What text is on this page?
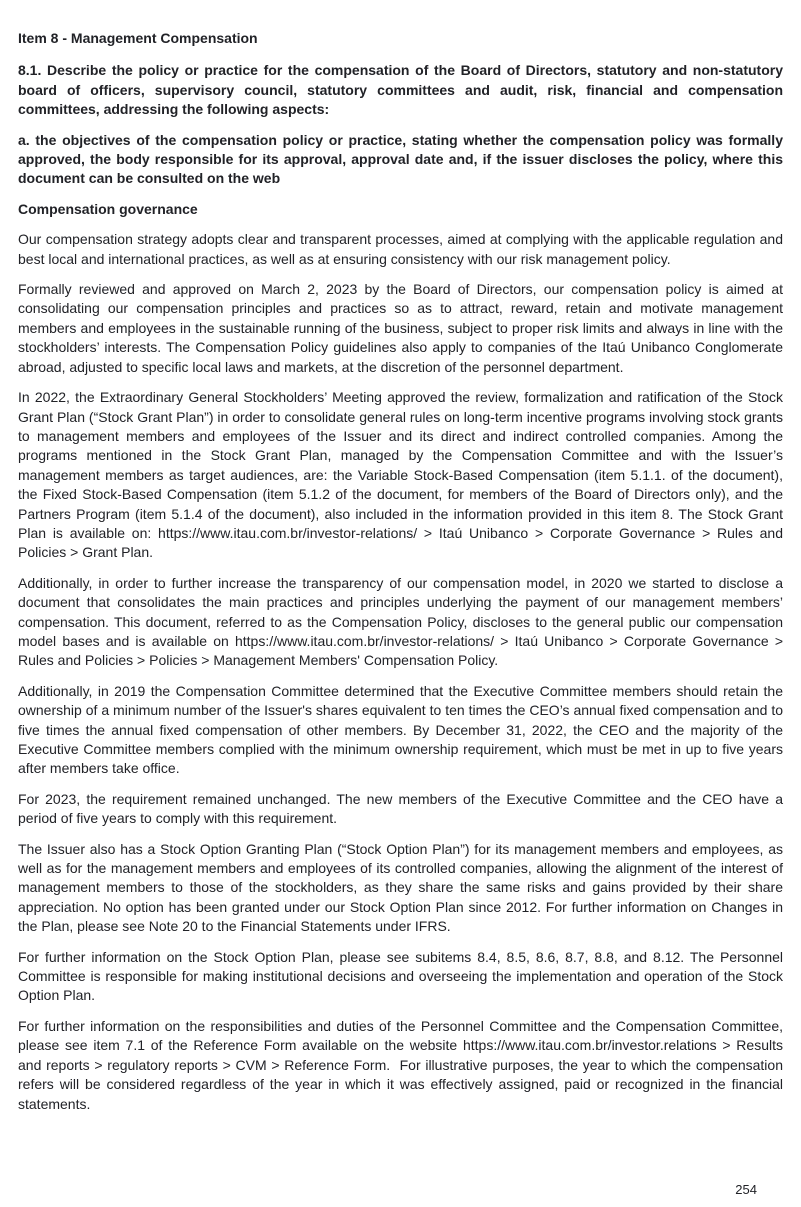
Item 8 - Management Compensation

8.1. Describe the policy or practice for the compensation of the Board of Directors, statutory and non-statutory board of officers, supervisory council, statutory committees and audit, risk, financial and compensation committees, addressing the following aspects:

a. the objectives of the compensation policy or practice, stating whether the compensation policy was formally approved, the body responsible for its approval, approval date and, if the issuer discloses the policy, where this document can be consulted on the web

Compensation governance

Our compensation strategy adopts clear and transparent processes, aimed at complying with the applicable regulation and best local and international practices, as well as at ensuring consistency with our risk management policy.

Formally reviewed and approved on March 2, 2023 by the Board of Directors, our compensation policy is aimed at consolidating our compensation principles and practices so as to attract, reward, retain and motivate management members and employees in the sustainable running of the business, subject to proper risk limits and always in line with the stockholders’ interests. The Compensation Policy guidelines also apply to companies of the Itaú Unibanco Conglomerate abroad, adjusted to specific local laws and markets, at the discretion of the personnel department.

In 2022, the Extraordinary General Stockholders’ Meeting approved the review, formalization and ratification of the Stock Grant Plan (“Stock Grant Plan”) in order to consolidate general rules on long-term incentive programs involving stock grants to management members and employees of the Issuer and its direct and indirect controlled companies. Among the programs mentioned in the Stock Grant Plan, managed by the Compensation Committee and with the Issuer’s management members as target audiences, are: the Variable Stock-Based Compensation (item 5.1.1. of the document), the Fixed Stock-Based Compensation (item 5.1.2 of the document, for members of the Board of Directors only), and the Partners Program (item 5.1.4 of the document), also included in the information provided in this item 8. The Stock Grant Plan is available on: https://www.itau.com.br/investor-relations/ > Itaú Unibanco > Corporate Governance > Rules and Policies > Grant Plan.

Additionally, in order to further increase the transparency of our compensation model, in 2020 we started to disclose a document that consolidates the main practices and principles underlying the payment of our management members’ compensation. This document, referred to as the Compensation Policy, discloses to the general public our compensation model bases and is available on https://www.itau.com.br/investor-relations/ > Itaú Unibanco > Corporate Governance > Rules and Policies > Policies > Management Members' Compensation Policy.

Additionally, in 2019 the Compensation Committee determined that the Executive Committee members should retain the ownership of a minimum number of the Issuer's shares equivalent to ten times the CEO’s annual fixed compensation and to five times the annual fixed compensation of other members. By December 31, 2022, the CEO and the majority of the Executive Committee members complied with the minimum ownership requirement, which must be met in up to five years after members take office.

For 2023, the requirement remained unchanged. The new members of the Executive Committee and the CEO have a period of five years to comply with this requirement.

The Issuer also has a Stock Option Granting Plan (“Stock Option Plan”) for its management members and employees, as well as for the management members and employees of its controlled companies, allowing the alignment of the interest of management members to those of the stockholders, as they share the same risks and gains provided by their share appreciation. No option has been granted under our Stock Option Plan since 2012. For further information on Changes in the Plan, please see Note 20 to the Financial Statements under IFRS.

For further information on the Stock Option Plan, please see subitems 8.4, 8.5, 8.6, 8.7, 8.8, and 8.12. The Personnel Committee is responsible for making institutional decisions and overseeing the implementation and operation of the Stock Option Plan.

For further information on the responsibilities and duties of the Personnel Committee and the Compensation Committee, please see item 7.1 of the Reference Form available on the website https://www.itau.com.br/investor.relations > Results and reports > regulatory reports > CVM > Reference Form.  For illustrative purposes, the year to which the compensation refers will be considered regardless of the year in which it was effectively assigned, paid or recognized in the financial statements.

254
